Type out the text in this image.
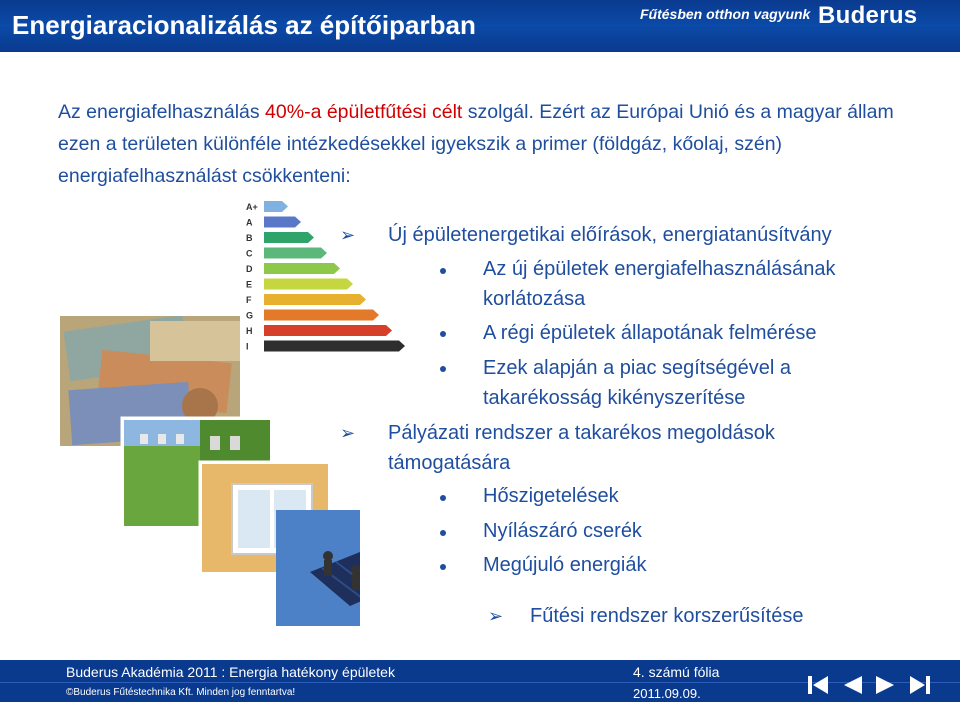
Energiaracionalizálás az építőiparban	Fűtésben otthon vagyunk Buderus
Az energiafelhasználás 40%-a épületfűtési célt szolgál. Ezért az Európai Unió és a magyar állam ezen a területen különféle intézkedésekkel igyekszik a primer (földgáz, kőolaj, szén) energiafelhasználást csökkenteni:
A+
A
B
C
D
E
F
G
H
I
➢ Új épületenergetikai előírások, energiatanúsítvány
Az új épületek energiafelhasználásának
korlátozása
A régi épületek állapotának felmérése
Ezek alapján a piac segítségével a
takarékosság kikényszerítése
➢ Pályázati rendszer a takarékos megoldások
támogatására
Hőszigetelések
Nyílászáró cserék
Megújuló energiák
➢ Fűtési rendszer korszerűsítése
Buderus Akadémia 2011 : Energia hatékony épületek
©Buderus Fűtéstechnika Kft. Minden jog fenntartva!
4. számú fólia
2011.09.09.
